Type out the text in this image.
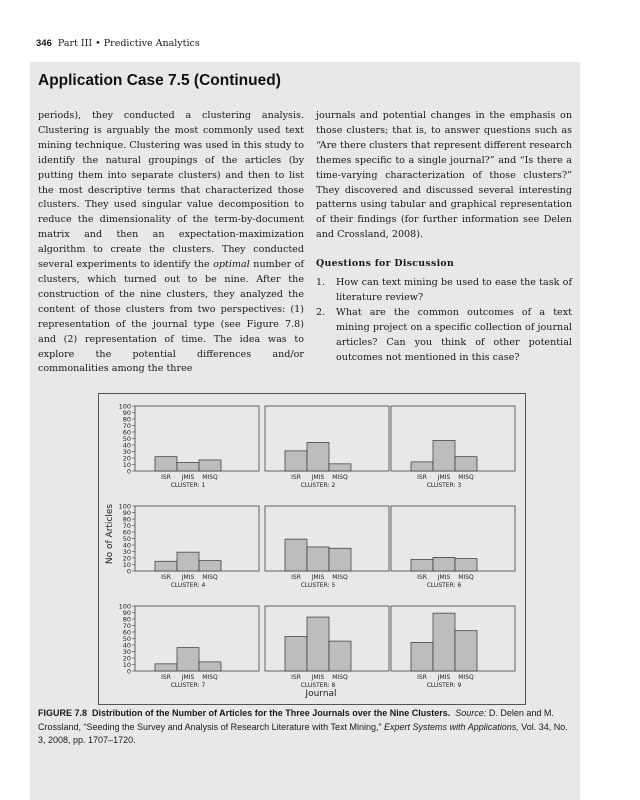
346 Part III • Predictive Analytics
Application Case 7.5 (Continued)

periods), they conducted a clustering analysis. Clustering is arguably the most commonly used text mining technique. Clustering was used in this study to identify the natural groupings of the articles (by putting them into separate clusters) and then to list the most descriptive terms that characterized those clusters. They used singular value decomposition to reduce the dimensionality of the term-by-document matrix and then an expectation-maximization algorithm to create the clusters. They conducted several experiments to identify the optimal number of clusters, which turned out to be nine. After the construction of the nine clusters, they analyzed the content of those clusters from two perspectives: (1) representation of the journal type (see Figure 7.8) and (2) representation of time. The idea was to explore the potential differences and/or commonalities among the three

journals and potential changes in the emphasis on those clusters; that is, to answer questions such as “Are there clusters that represent different research themes specific to a single journal?” and “Is there a time-varying characterization of those clusters?” They discovered and discussed several interesting patterns using tabular and graphical representation of their findings (for further information see Delen and Crossland, 2008).

Questions for Discussion

1. How can text mining be used to ease the task of literature review?
2. What are the common outcomes of a text mining project on a specific collection of journal articles? Can you think of other potential outcomes not mentioned in this case?
0
10
20
30
40
50
60
70
80
90
100
ISR JMIS MISQ
CLUSTER: 1
ISR JMIS MISQ
CLUSTER: 2
ISR JMIS MISQ
CLUSTER: 3
0
10
20
30
40
50
60
70
80
90
100
ISR JMIS MISQ
CLUSTER: 4
ISR JMIS MISQ
CLUSTER: 5
ISR JMIS MISQ
CLUSTER: 6
0
10
20
30
40
50
60
70
80
90
100
ISR JMIS MISQ
CLUSTER: 7
ISR JMIS MISQ
CLUSTER: 8
ISR JMIS MISQ
CLUSTER: 9
No of Articles
Journal
FIGURE 7.8 Distribution of the Number of Articles for the Three Journals over the Nine Clusters. Source: D. Delen and M. Crossland, “Seeding the Survey and Analysis of Research Literature with Text Mining,” Expert Systems with Applications, Vol. 34, No. 3, 2008, pp. 1707–1720.
